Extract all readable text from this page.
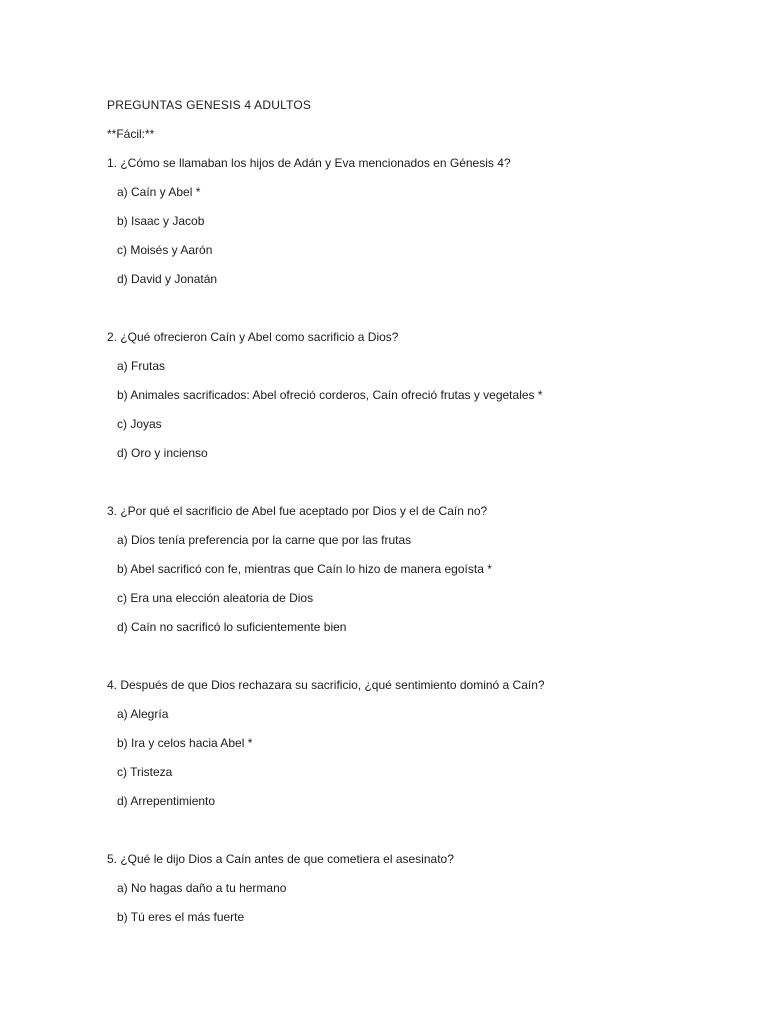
PREGUNTAS GENESIS 4 ADULTOS

**Fácil:**

1. ¿Cómo se llamaban los hijos de Adán y Eva mencionados en Génesis 4?

a) Caín y Abel *

b) Isaac y Jacob

c) Moisés y Aarón

d) David y Jonatán

2. ¿Qué ofrecieron Caín y Abel como sacrificio a Dios?

a) Frutas

b) Animales sacrificados: Abel ofreció corderos, Caín ofreció frutas y vegetales *

c) Joyas

d) Oro y incienso

3. ¿Por qué el sacrificio de Abel fue aceptado por Dios y el de Caín no?

a) Dios tenía preferencia por la carne que por las frutas

b) Abel sacrificó con fe, mientras que Caín lo hizo de manera egoísta *

c) Era una elección aleatoria de Dios

d) Caín no sacrificó lo suficientemente bien

4. Después de que Dios rechazara su sacrificio, ¿qué sentimiento dominó a Caín?

a) Alegría

b) Ira y celos hacia Abel *

c) Tristeza

d) Arrepentimiento

5. ¿Qué le dijo Dios a Caín antes de que cometiera el asesinato?

a) No hagas daño a tu hermano

b) Tú eres el más fuerte
